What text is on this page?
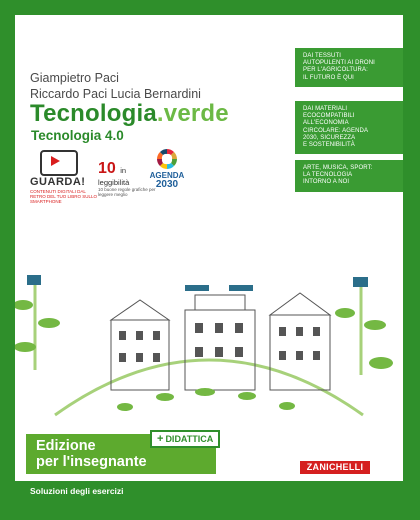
Giampietro Paci
Riccardo Paci Lucia Bernardini
Tecnologia.verde
Tecnologia 4.0
GUARDA!
CONTENUTI DIGITALI DAL RETRO DEL TUO LIBRO SULLO SMARTPHONE
10 in
leggibilità
10 buone regole grafiche per leggere meglio
AGENDA
2030
DAI TESSUTI
AUTOPULENTI AI DRONI
PER L'AGRICOLTURA:
IL FUTURO È QUI
DAI MATERIALI
ECOCOMPATIBILI
ALL'ECONOMIA
CIRCOLARE: AGENDA
2030, SICUREZZA
E SOSTENIBILITÀ
ARTE, MUSICA, SPORT:
LA TECNOLOGIA
INTORNO A NOI
VIDEO
AUDIOSINTESI
IN 6 LINGUE
Edizione
per l'insegnante
+ DIDATTICA
Soluzioni degli esercizi
ZANICHELLI
